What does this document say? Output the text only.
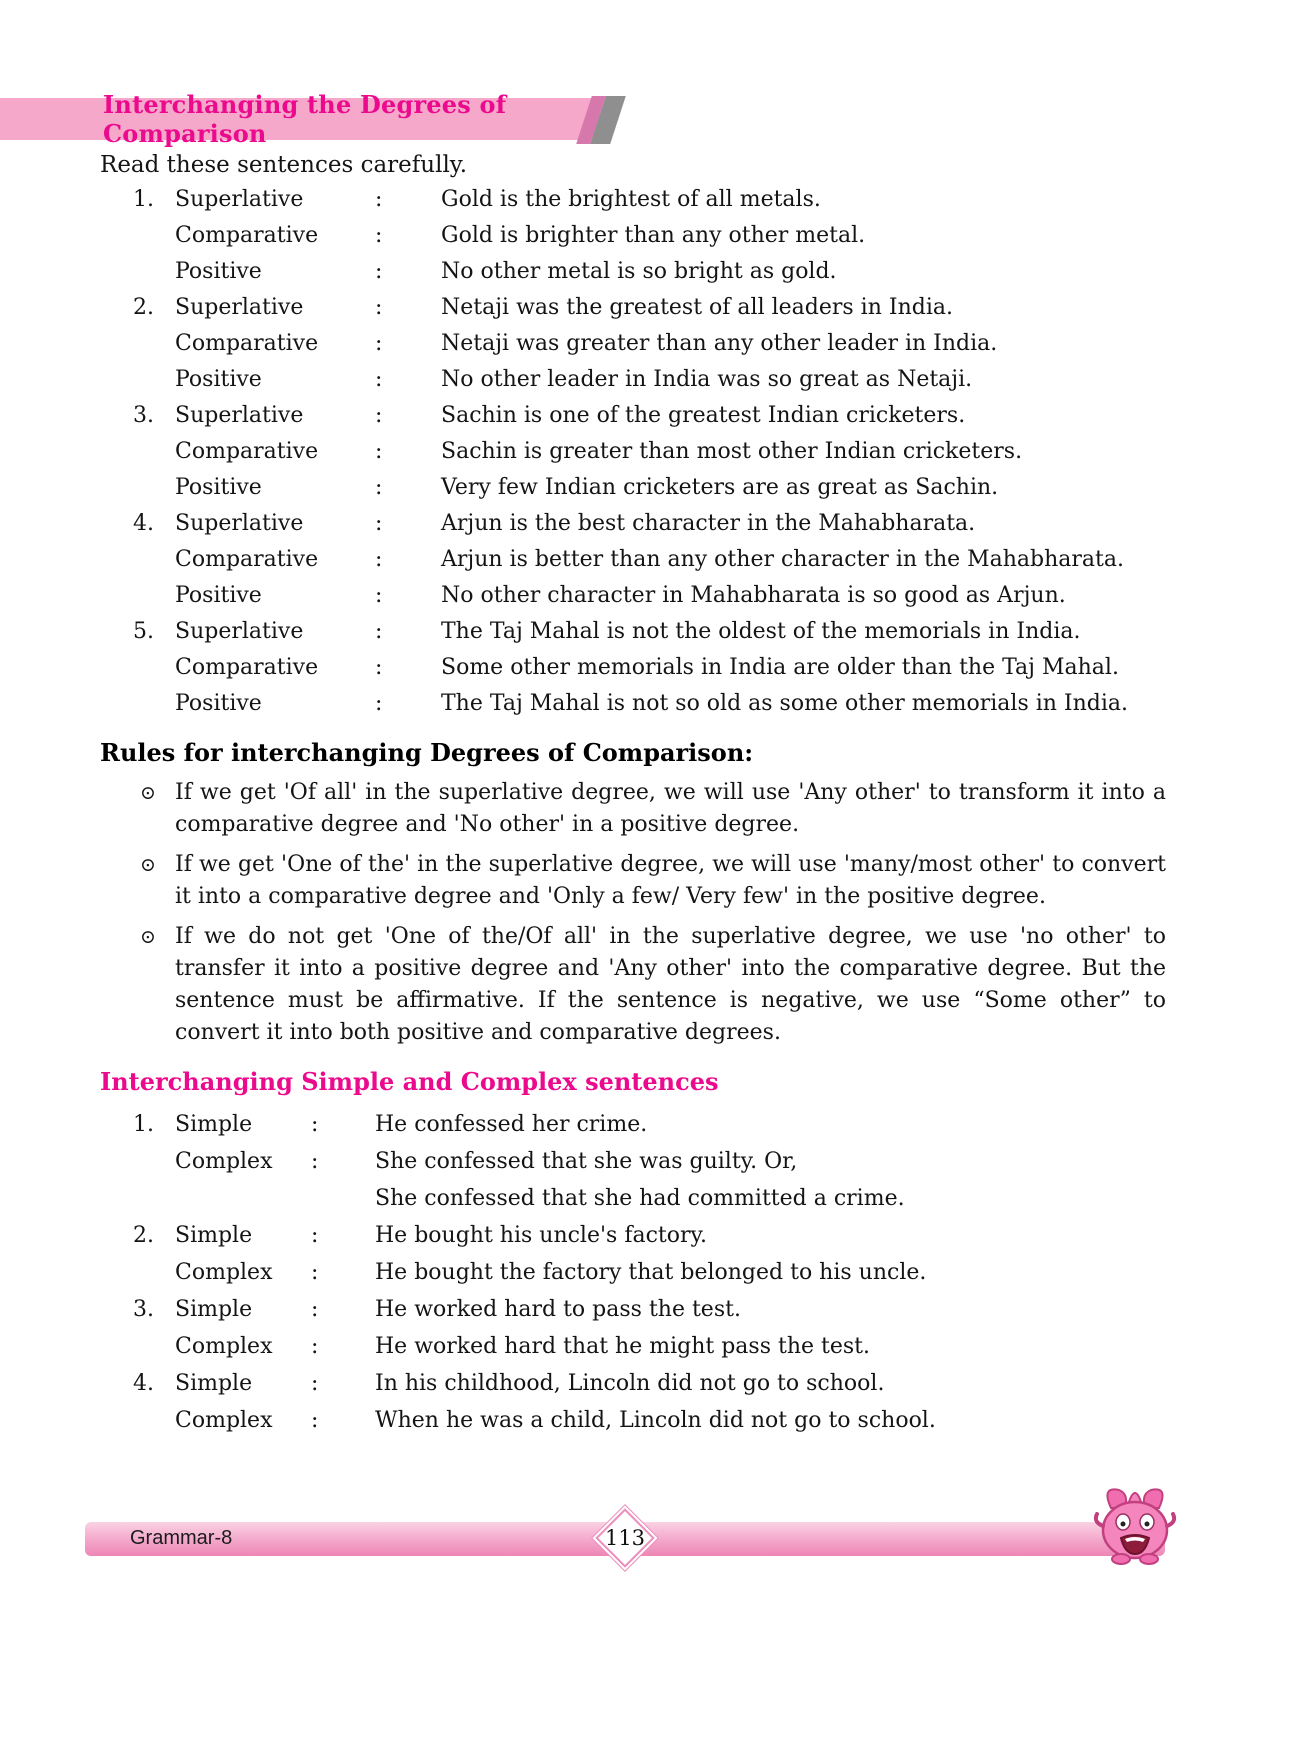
Interchanging the Degrees of Comparison

Read these sentences carefully.

1. Superlative	:	Gold is the brightest of all metals.
Comparative	:	Gold is brighter than any other metal.
Positive	:	No other metal is so bright as gold.
2. Superlative	:	Netaji was the greatest of all leaders in India.
Comparative	:	Netaji was greater than any other leader in India.
Positive	:	No other leader in India was so great as Netaji.
3. Superlative	:	Sachin is one of the greatest Indian cricketers.
Comparative	:	Sachin is greater than most other Indian cricketers.
Positive	:	Very few Indian cricketers are as great as Sachin.
4. Superlative	:	Arjun is the best character in the Mahabharata.
Comparative	:	Arjun is better than any other character in the Mahabharata.
Positive	:	No other character in Mahabharata is so good as Arjun.
5. Superlative	:	The Taj Mahal is not the oldest of the memorials in India.
Comparative	:	Some other memorials in India are older than the Taj Mahal.
Positive	:	The Taj Mahal is not so old as some other memorials in India.
Rules for interchanging Degrees of Comparison:
⊙ If we get 'Of all' in the superlative degree, we will use 'Any other' to transform it into a comparative degree and 'No other' in a positive degree.
⊙ If we get 'One of the' in the superlative degree, we will use 'many/most other' to convert it into a comparative degree and 'Only a few/ Very few' in the positive degree.
⊙ If we do not get 'One of the/Of all' in the superlative degree, we use 'no other' to transfer it into a positive degree and 'Any other' into the comparative degree. But the sentence must be affirmative. If the sentence is negative, we use “Some other” to convert it into both positive and comparative degrees.
Interchanging Simple and Complex sentences
1. Simple	:	He confessed her crime.
Complex	:	She confessed that she was guilty. Or,
She confessed that she had committed a crime.
2. Simple	:	He bought his uncle's factory.
Complex	:	He bought the factory that belonged to his uncle.
3. Simple	:	He worked hard to pass the test.
Complex	:	He worked hard that he might pass the test.
4. Simple	:	In his childhood, Lincoln did not go to school.
Complex	:	When he was a child, Lincoln did not go to school.
Grammar-8	113
